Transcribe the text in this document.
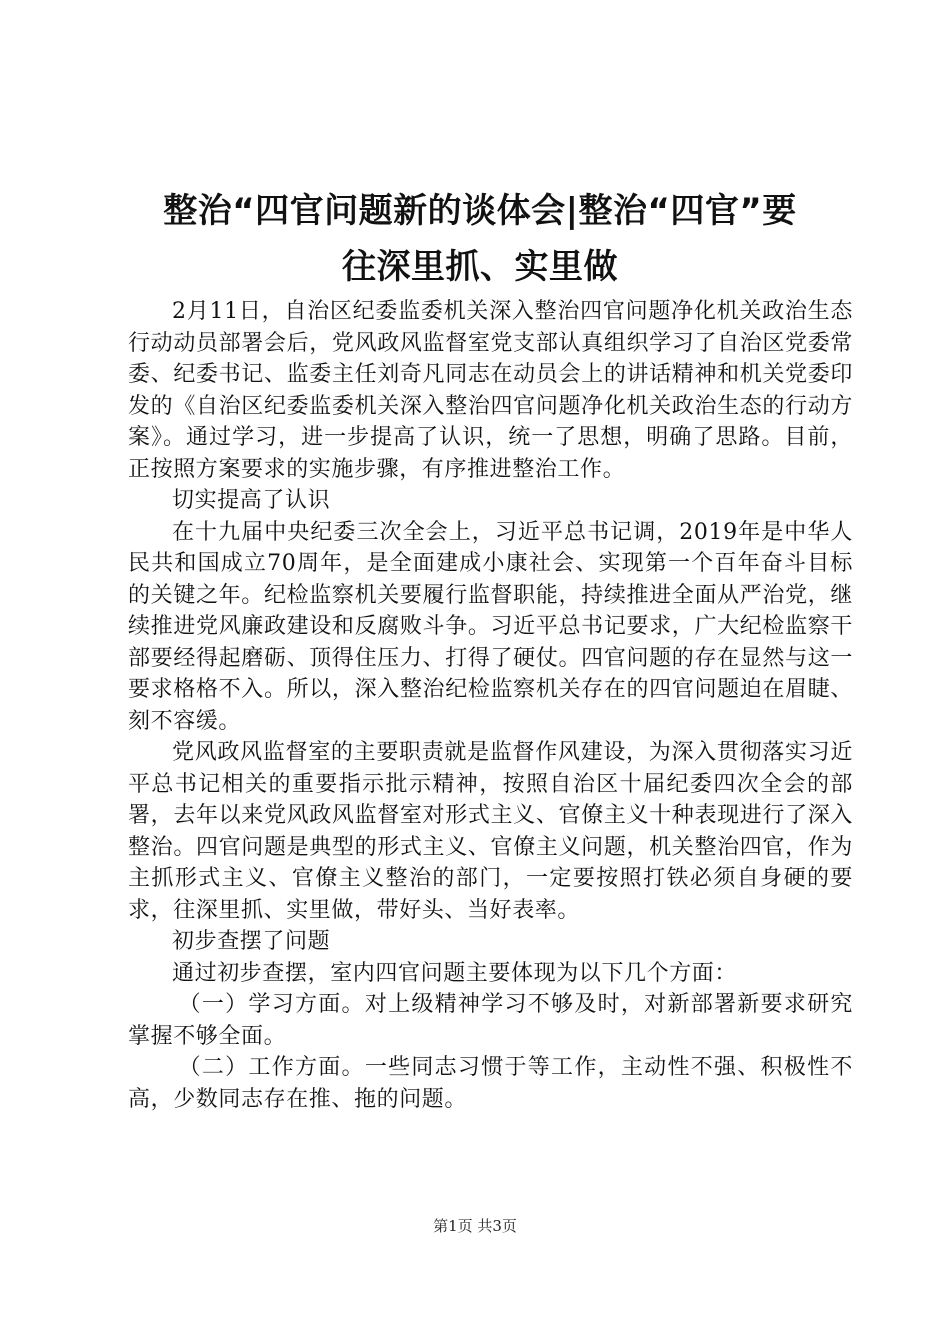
整治“四官问题新的谈体会|整治“四官”要
往深里抓、实里做

2月11日，自治区纪委监委机关深入整治四官问题净化机关政治生态行动动员部署会后，党风政风监督室党支部认真组织学习了自治区党委常委、纪委书记、监委主任刘奇凡同志在动员会上的讲话精神和机关党委印发的《自治区纪委监委机关深入整治四官问题净化机关政治生态的行动方案》。通过学习，进一步提高了认识，统一了思想，明确了思路。目前，正按照方案要求的实施步骤，有序推进整治工作。

切实提高了认识

在十九届中央纪委三次全会上，习近平总书记调，2019年是中华人民共和国成立70周年，是全面建成小康社会、实现第一个百年奋斗目标的关键之年。纪检监察机关要履行监督职能，持续推进全面从严治党，继续推进党风廉政建设和反腐败斗争。习近平总书记要求，广大纪检监察干部要经得起磨砺、顶得住压力、打得了硬仗。四官问题的存在显然与这一要求格格不入。所以，深入整治纪检监察机关存在的四官问题迫在眉睫、刻不容缓。

党风政风监督室的主要职责就是监督作风建设，为深入贯彻落实习近平总书记相关的重要指示批示精神，按照自治区十届纪委四次全会的部署，去年以来党风政风监督室对形式主义、官僚主义十种表现进行了深入整治。四官问题是典型的形式主义、官僚主义问题，机关整治四官，作为主抓形式主义、官僚主义整治的部门，一定要按照打铁必须自身硬的要求，往深里抓、实里做，带好头、当好表率。

初步查摆了问题

通过初步查摆，室内四官问题主要体现为以下几个方面：

（一）学习方面。对上级精神学习不够及时，对新部署新要求研究掌握不够全面。

（二）工作方面。一些同志习惯于等工作，主动性不强、积极性不高，少数同志存在推、拖的问题。

第1页 共3页
